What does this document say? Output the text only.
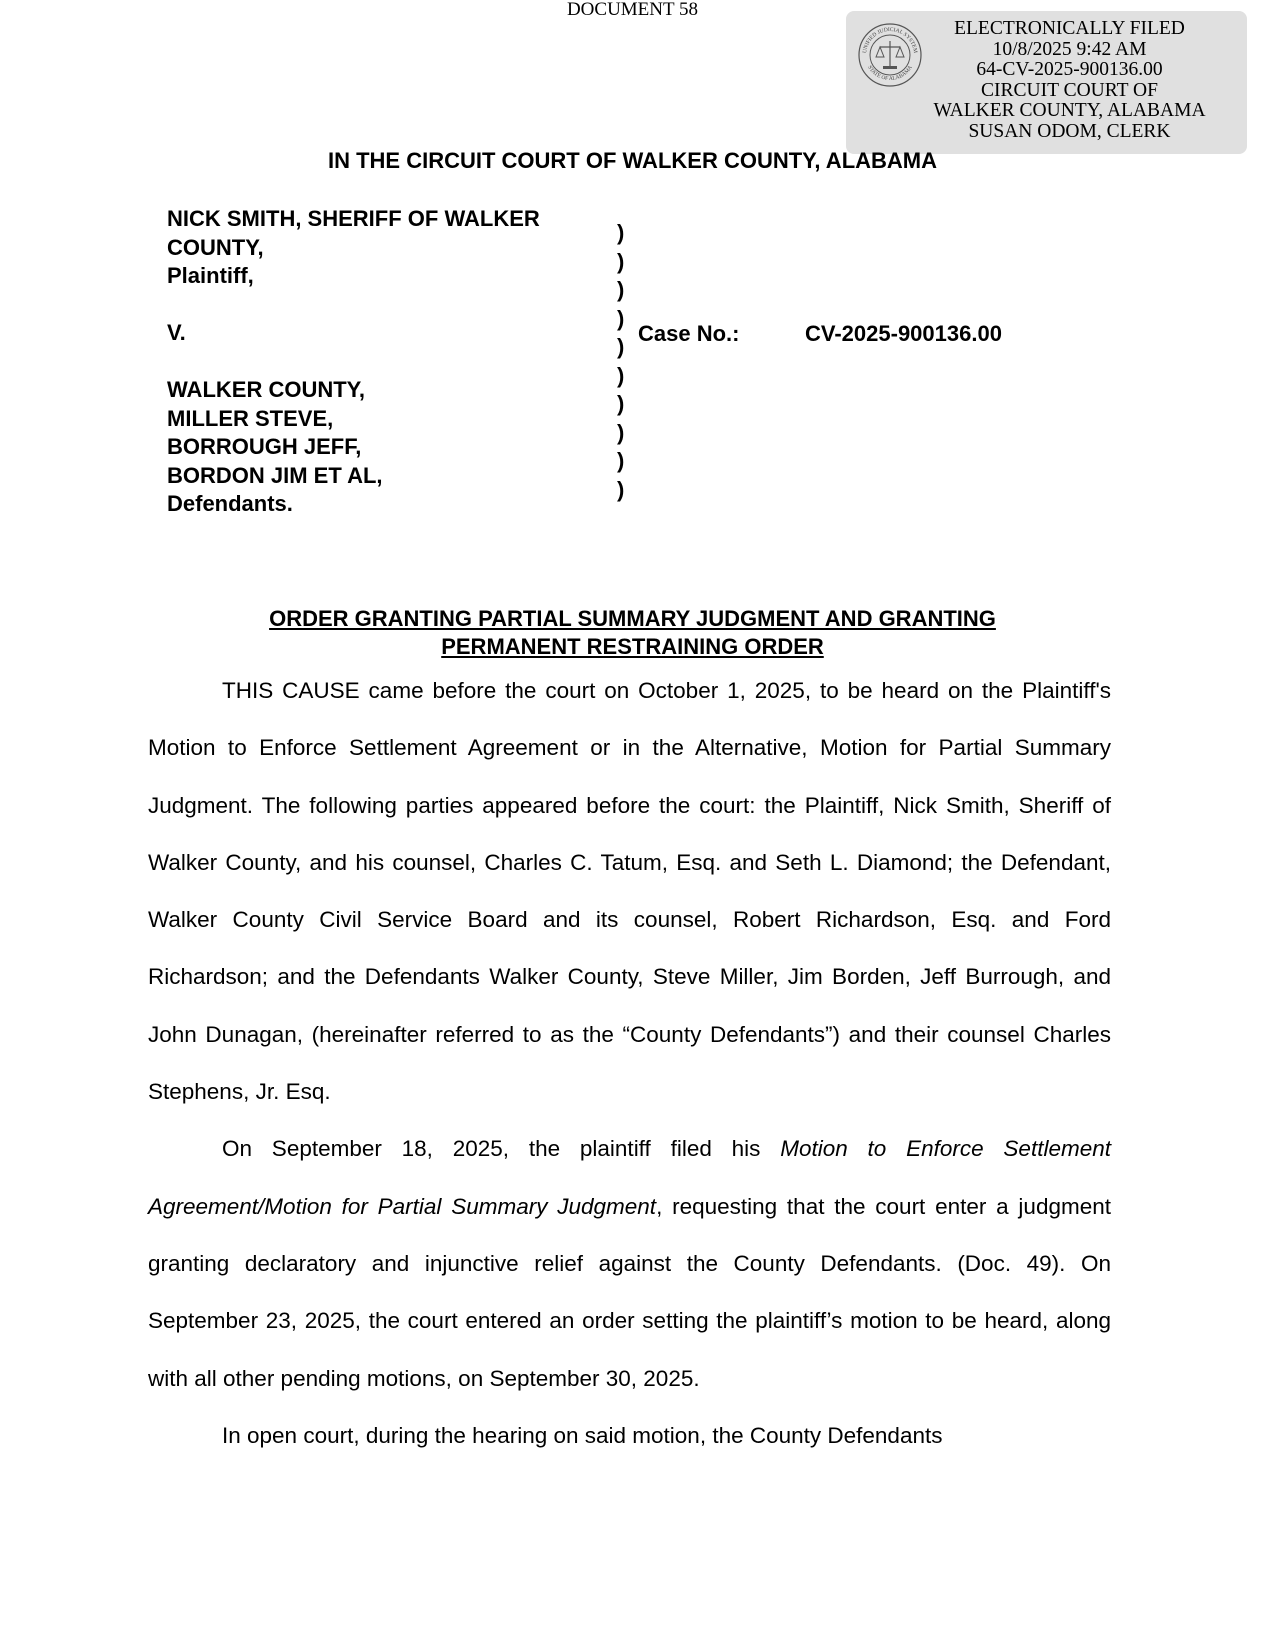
DOCUMENT 58
UNIFIED JUDICIAL SYSTEM
STATE OF ALABAMA
ELECTRONICALLY FILED
10/8/2025 9:42 AM
64-CV-2025-900136.00
CIRCUIT COURT OF
WALKER COUNTY, ALABAMA
SUSAN ODOM, CLERK
IN THE CIRCUIT COURT OF WALKER COUNTY, ALABAMA
NICK SMITH, SHERIFF OF WALKER
COUNTY,
Plaintiff,
V.
WALKER COUNTY,
MILLER STEVE,
BORROUGH JEFF,
BORDON JIM ET AL,
Defendants.
)
)
)
)
)
)
)
)
)
)
Case No.:	CV-2025-900136.00
ORDER GRANTING PARTIAL SUMMARY JUDGMENT AND GRANTING
PERMANENT RESTRAINING ORDER

THIS CAUSE came before the court on October 1, 2025, to be heard on the Plaintiff's Motion to Enforce Settlement Agreement or in the Alternative, Motion for Partial Summary Judgment. The following parties appeared before the court: the Plaintiff, Nick Smith, Sheriff of Walker County, and his counsel, Charles C. Tatum, Esq. and Seth L. Diamond; the Defendant, Walker County Civil Service Board and its counsel, Robert Richardson, Esq. and Ford Richardson; and the Defendants Walker County, Steve Miller, Jim Borden, Jeff Burrough, and John Dunagan, (hereinafter referred to as the “County Defendants”) and their counsel Charles Stephens, Jr. Esq.

On September 18, 2025, the plaintiff filed his Motion to Enforce Settlement Agreement/Motion for Partial Summary Judgment, requesting that the court enter a judgment granting declaratory and injunctive relief against the County Defendants. (Doc. 49). On September 23, 2025, the court entered an order setting the plaintiff’s motion to be heard, along with all other pending motions, on September 30, 2025.

In open court, during the hearing on said motion, the County Defendants
